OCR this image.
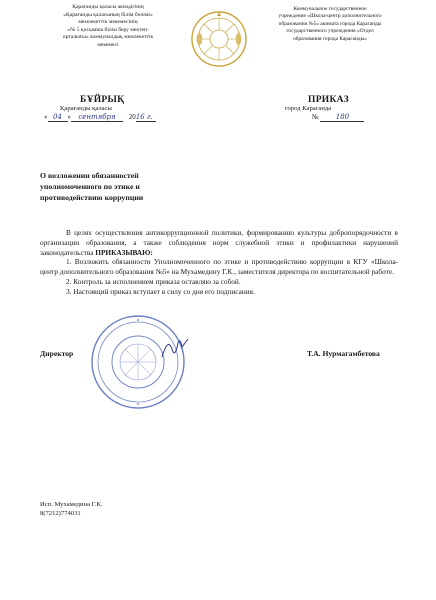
Қарағанды қаласы әкімдігінің
«Қарағанды қаласының білім бөлімі»
мемлекеттік мекемесінің
«№ 5 қосымша білім беру мектеп-
орталығы» коммуналдық мемлекеттік
мекемесі
Коммунальное государственное
учреждение «Школа-центр дополнительного
образования №5» акимата города Караганды
государственного учреждения «Отдел
образования города Караганды»
БҰЙРЫҚ
Қарағанды қаласы
« 04 » сентября 2016 г.
ПРИКАЗ
город Караганда
№ 180
О возложении обязанностей
уполномоченного по этике и
противодействию коррупции

В целях осуществления антикоррупционной политики, формированию культуры добропорядочности в организации образования, а также соблюдения норм служебной этики и профилактики нарушений законодательства ПРИКАЗЫВАЮ:

1. Возложить обязанности Уполномоченного по этике и противодействию коррупции в КГУ «Школа-центр дополнительного образования №5» на Мухамедину Г.К., заместителя директора по воспитательной работе.

2. Контроль за исполнением приказа оставляю за собой.

3. Настоящий приказ вступает в силу со дня его подписания.

Директор	Т.А. Нурмагамбетова
Исп. Мухамедина Г.К.
8(7212)774031
